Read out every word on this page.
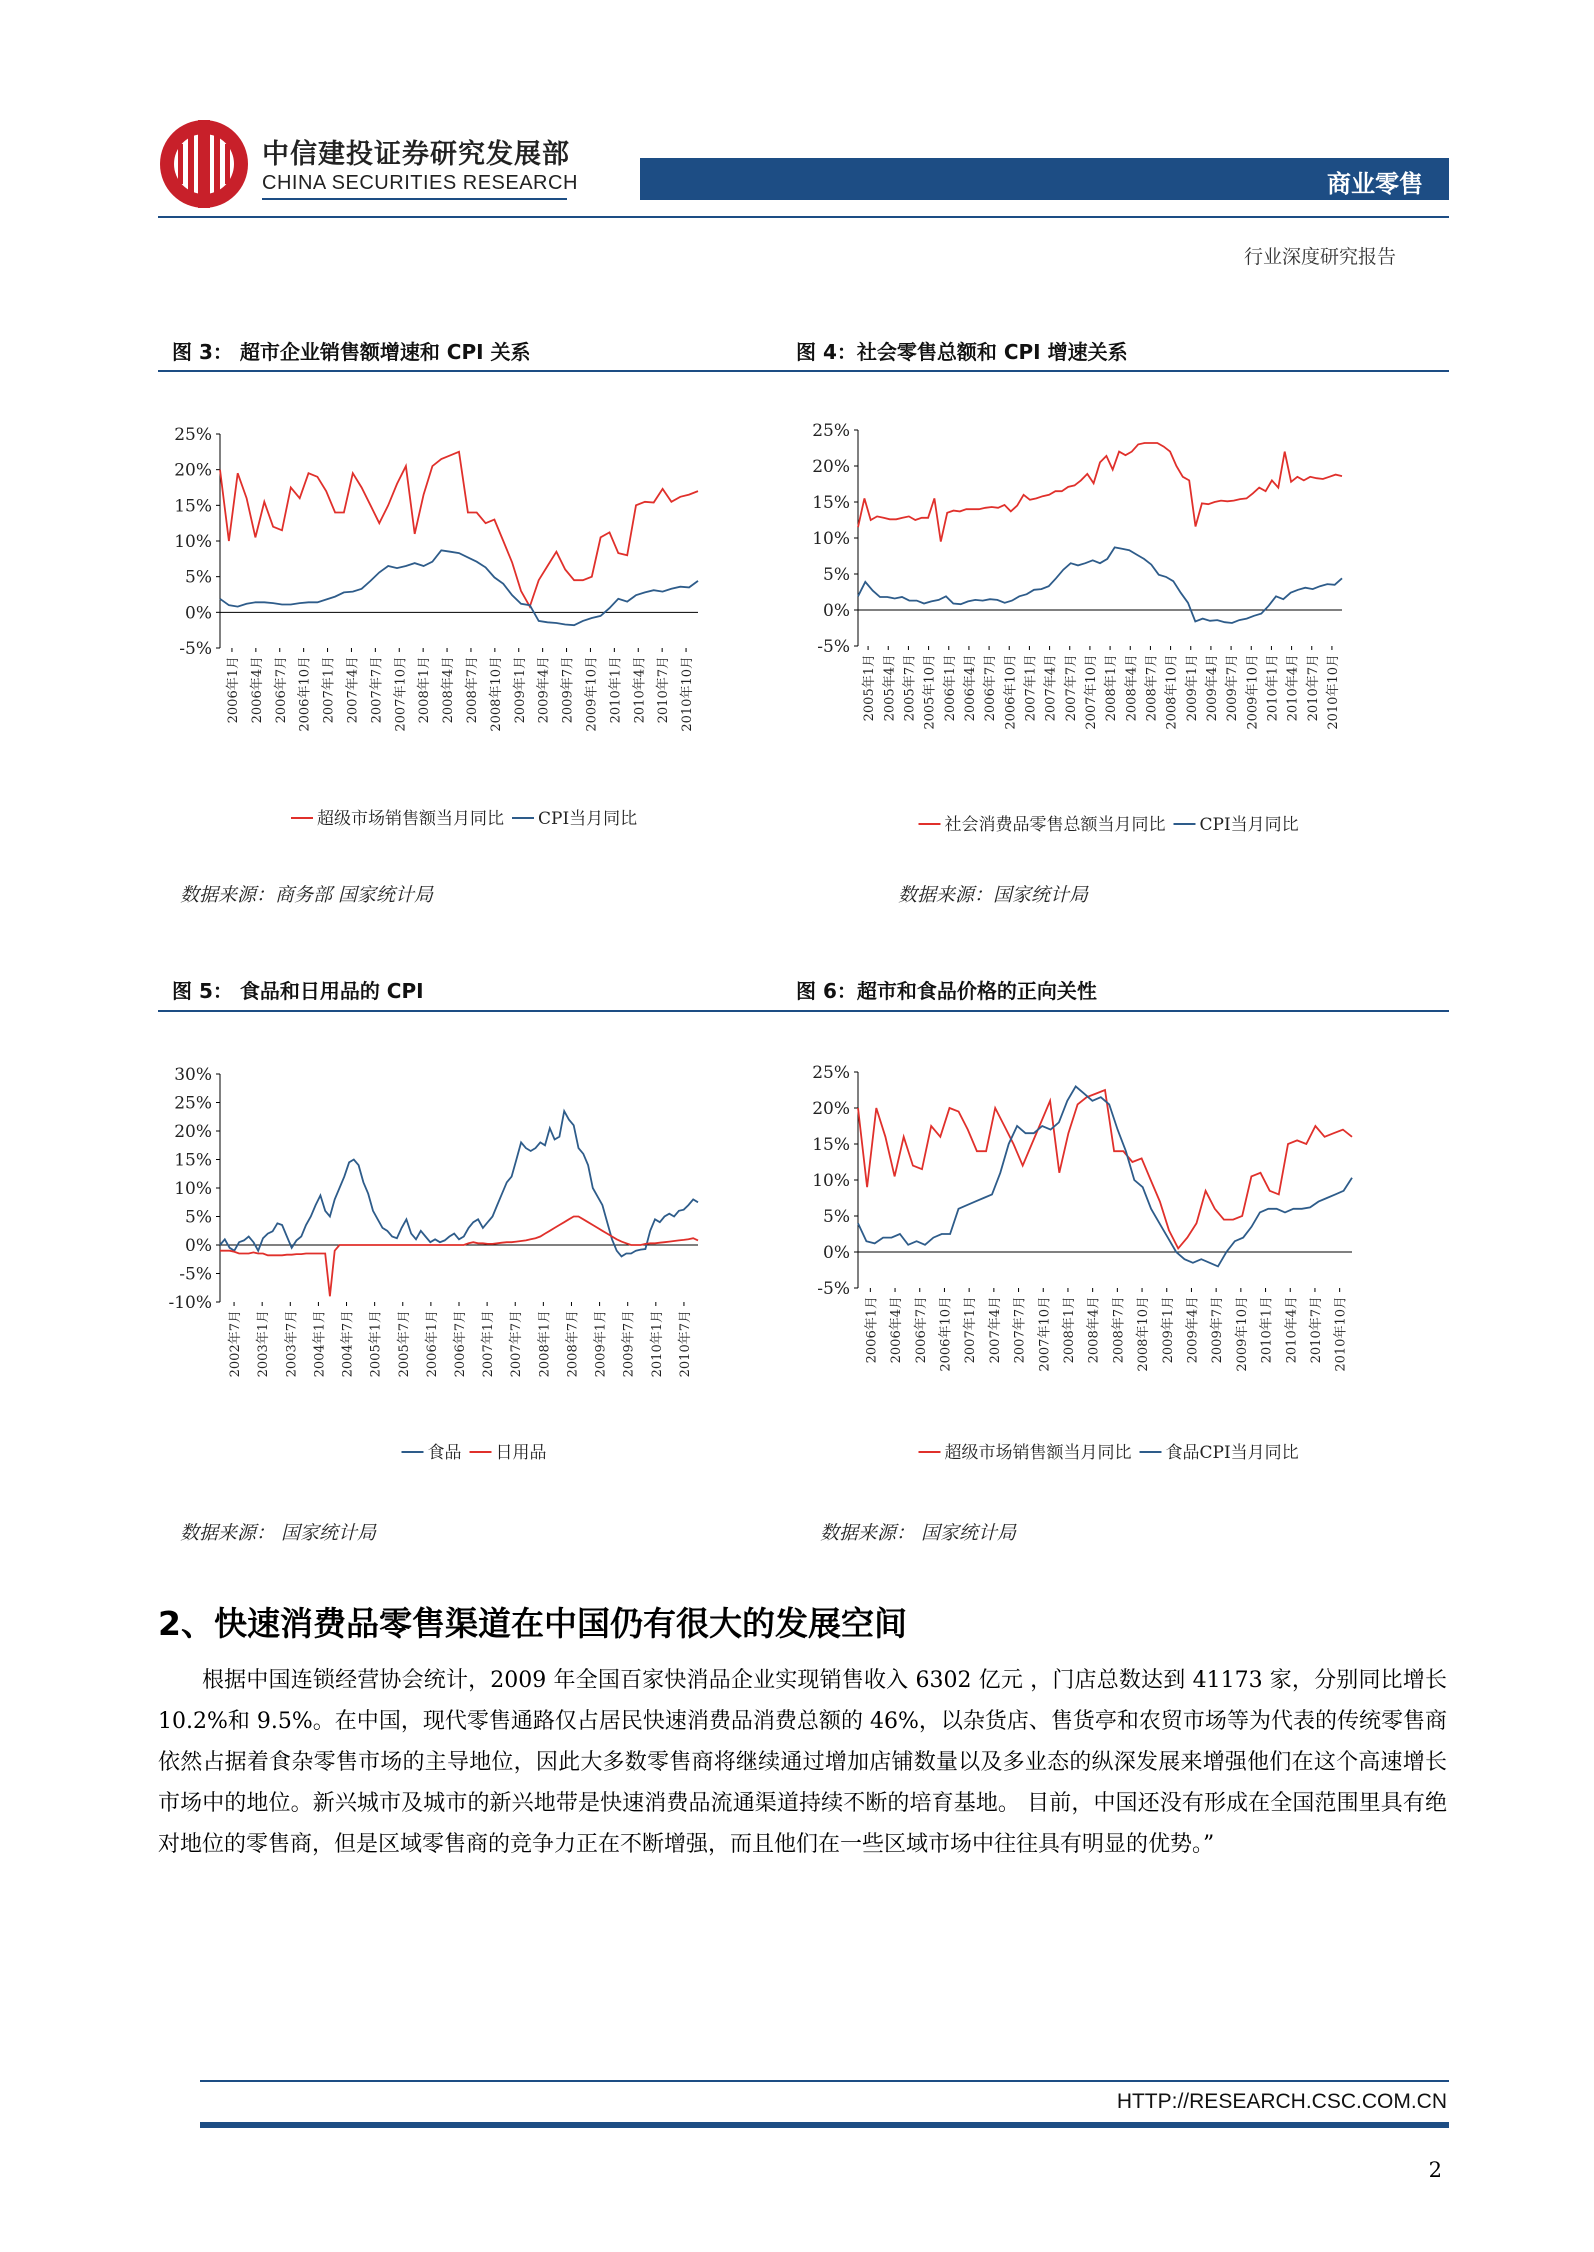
中信建投证券研究发展部
CHINA SECURITIES RESEARCH	商业零售
行业深度研究报告
图 3： 超市企业销售额增速和 CPI 关系
25%
20%
15%
10%
5%
0%
-5%
2006年1月 2006年4月 2006年7月 2006年10月 2007年1月 2007年4月 2007年7月 2007年10月 2008年1月 2008年4月 2008年7月 2008年10月 2009年1月 2009年4月 2009年7月 2009年10月 2010年1月 2010年4月 2010年7月 2010年10月
超级市场销售额当月同比 CPI当月同比
数据来源：商务部 国家统计局
图 4：社会零售总额和 CPI 增速关系
25%
20%
15%
10%
5%
0%
-5%
2005年1月 2005年4月 2005年7月 2005年10月 2006年1月 2006年4月 2006年7月 2006年10月 2007年1月 2007年4月 2007年7月 2007年10月 2008年1月 2008年4月 2008年7月 2008年10月 2009年1月 2009年4月 2009年7月 2009年10月 2010年1月 2010年4月 2010年7月 2010年10月
社会消费品零售总额当月同比 CPI当月同比
数据来源：国家统计局
图 5： 食品和日用品的 CPI
30%
25%
20%
15%
10%
5%
0%
-5%
-10%
2002年7月 2003年1月 2003年7月 2004年1月 2004年7月 2005年1月 2005年7月 2006年1月 2006年7月 2007年1月 2007年7月 2008年1月 2008年7月 2009年1月 2009年7月 2010年1月 2010年7月
食品 日用品
数据来源： 国家统计局
图 6：超市和食品价格的正向关性
25%
20%
15%
10%
5%
0%
-5%
2006年1月 2006年4月 2006年7月 2006年10月 2007年1月 2007年4月 2007年7月 2007年10月 2008年1月 2008年4月 2008年7月 2008年10月 2009年1月 2009年4月 2009年7月 2009年10月 2010年1月 2010年4月 2010年7月 2010年10月
超级市场销售额当月同比 食品CPI当月同比
数据来源： 国家统计局
2、快速消费品零售渠道在中国仍有很大的发展空间
根据中国连锁经营协会统计，2009 年全国百家快消品企业实现销售收入 6302 亿元 ，门店总数达到 41173 家，分别同比增长 10.2%和 9.5%。在中国，现代零售通路仅占居民快速消费品消费总额的 46%，以杂货店、售货亭和农贸市场等为代表的传统零售商依然占据着食杂零售市场的主导地位，因此大多数零售商将继续通过增加店铺数量以及多业态的纵深发展来增强他们在这个高速增长市场中的地位。新兴城市及城市的新兴地带是快速消费品流通渠道持续不断的培育基地。 目前，中国还没有形成在全国范围里具有绝对地位的零售商，但是区域零售商的竞争力正在不断增强，而且他们在一些区域市场中往往具有明显的优势。”
HTTP://RESEARCH.CSC.COM.CN
2
